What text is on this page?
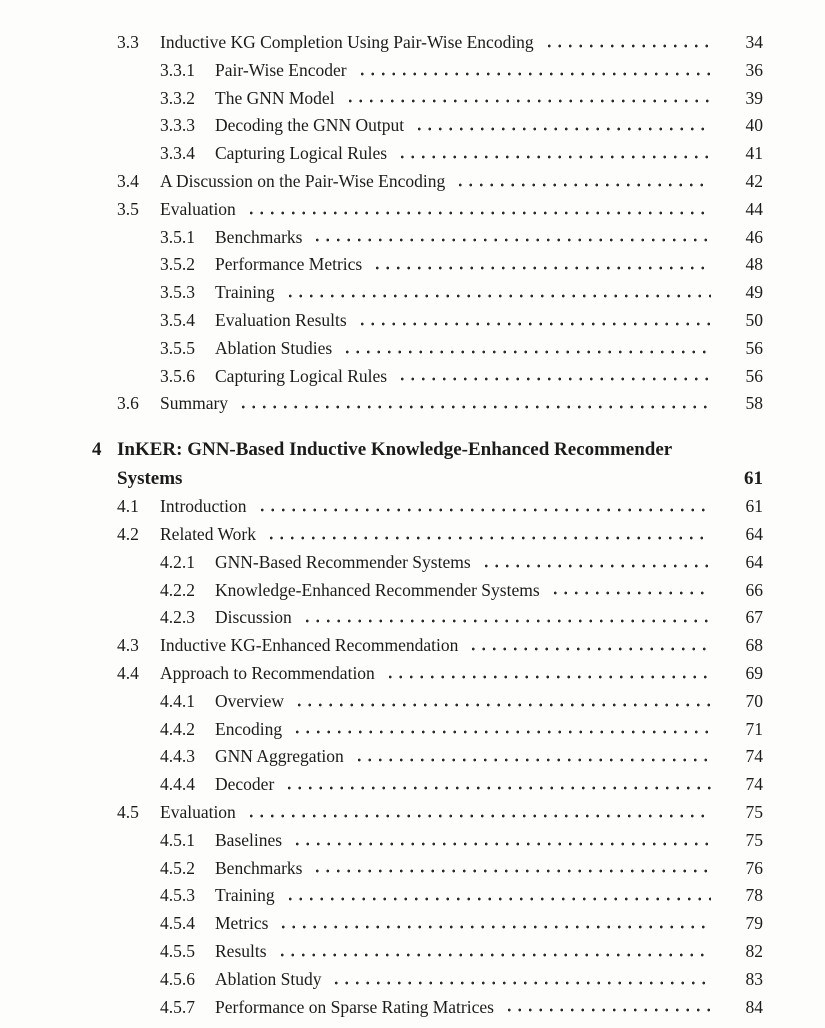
3.3	Inductive KG Completion Using Pair-Wise Encoding	34
3.3.1	Pair-Wise Encoder	36
3.3.2	The GNN Model	39
3.3.3	Decoding the GNN Output	40
3.3.4	Capturing Logical Rules	41
3.4	A Discussion on the Pair-Wise Encoding	42
3.5	Evaluation	44
3.5.1	Benchmarks	46
3.5.2	Performance Metrics	48
3.5.3	Training	49
3.5.4	Evaluation Results	50
3.5.5	Ablation Studies	56
3.5.6	Capturing Logical Rules	56
3.6	Summary	58
4 InKER: GNN-Based Inductive Knowledge-Enhanced Recommender
Systems	61
4.1	Introduction	61
4.2	Related Work	64
4.2.1	GNN-Based Recommender Systems	64
4.2.2	Knowledge-Enhanced Recommender Systems	66
4.2.3	Discussion	67
4.3	Inductive KG-Enhanced Recommendation	68
4.4	Approach to Recommendation	69
4.4.1	Overview	70
4.4.2	Encoding	71
4.4.3	GNN Aggregation	74
4.4.4	Decoder	74
4.5	Evaluation	75
4.5.1	Baselines	75
4.5.2	Benchmarks	76
4.5.3	Training	78
4.5.4	Metrics	79
4.5.5	Results	82
4.5.6	Ablation Study	83
4.5.7	Performance on Sparse Rating Matrices	84
